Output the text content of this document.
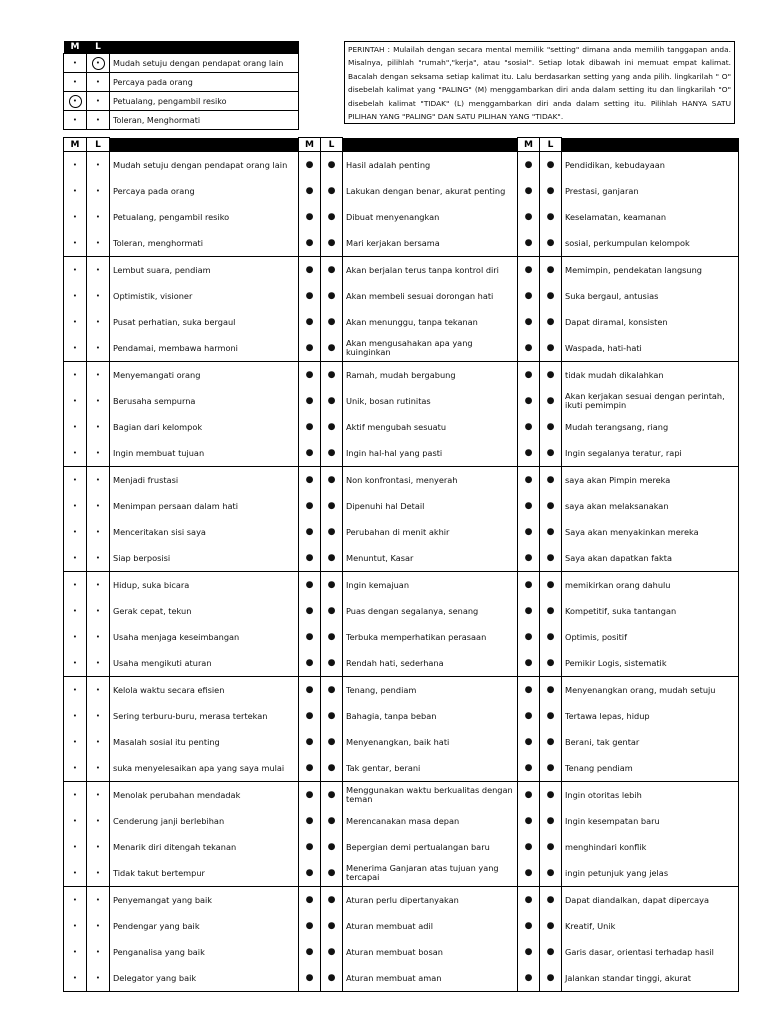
M	L	
•	•	Mudah setuju dengan pendapat orang lain
•	•	Percaya pada orang
•	•	Petualang, pengambil resiko
•	•	Toleran, Menghormati
PERINTAH : Mulailah dengan secara mental memilik "setting" dimana anda memilih tanggapan anda. Misalnya, pilihlah "rumah","kerja", atau "sosial". Setiap lotak dibawah ini memuat empat kalimat. Bacalah dengan seksama setiap kalimat itu. Lalu berdasarkan setting yang anda pilih. lingkarilah " O" disebelah kalimat yang "PALING" (M) menggambarkan diri anda dalam setting itu dan lingkarilah "O" disebelah kalimat "TIDAK" (L) menggambarkan diri anda dalam setting itu. Pilihlah HANYA SATU PILIHAN YANG "PALING" DAN SATU PILIHAN YANG "TIDAK".
M	L		M	L		M	L	
•	•	Mudah setuju dengan pendapat orang lain	●	●	Hasil adalah penting	●	●	Pendidikan, kebudayaan
•	•	Percaya pada orang	●	●	Lakukan dengan benar, akurat penting	●	●	Prestasi, ganjaran
•	•	Petualang, pengambil resiko	●	●	Dibuat menyenangkan	●	●	Keselamatan, keamanan
•	•	Toleran, menghormati	●	●	Mari kerjakan bersama	●	●	sosial, perkumpulan kelompok
•	•	Lembut suara, pendiam	●	●	Akan berjalan terus tanpa kontrol diri	●	●	Memimpin, pendekatan langsung
•	•	Optimistik, visioner	●	●	Akan membeli sesuai dorongan hati	●	●	Suka bergaul, antusias
•	•	Pusat perhatian, suka bergaul	●	●	Akan menunggu, tanpa tekanan	●	●	Dapat diramal, konsisten
•	•	Pendamai, membawa harmoni	●	●	Akan mengusahakan apa yang kuinginkan	●	●	Waspada, hati-hati
•	•	Menyemangati orang	●	●	Ramah, mudah bergabung	●	●	tidak mudah dikalahkan
•	•	Berusaha sempurna	●	●	Unik, bosan rutinitas	●	●	Akan kerjakan sesuai dengan perintah, ikuti pemimpin
•	•	Bagian dari kelompok	●	●	Aktif mengubah sesuatu	●	●	Mudah terangsang, riang
•	•	Ingin membuat tujuan	●	●	Ingin hal-hal yang pasti	●	●	Ingin segalanya teratur, rapi
•	•	Menjadi frustasi	●	●	Non konfrontasi, menyerah	●	●	saya akan Pimpin mereka
•	•	Menimpan persaan dalam hati	●	●	Dipenuhi hal Detail	●	●	saya akan melaksanakan
•	•	Menceritakan sisi saya	●	●	Perubahan di menit akhir	●	●	Saya akan menyakinkan mereka
•	•	Siap berposisi	●	●	Menuntut, Kasar	●	●	Saya akan dapatkan fakta
•	•	Hidup, suka bicara	●	●	Ingin kemajuan	●	●	memikirkan orang dahulu
•	•	Gerak cepat, tekun	●	●	Puas dengan segalanya, senang	●	●	Kompetitif, suka tantangan
•	•	Usaha menjaga keseimbangan	●	●	Terbuka memperhatikan perasaan	●	●	Optimis, positif
•	•	Usaha mengikuti aturan	●	●	Rendah hati, sederhana	●	●	Pemikir Logis, sistematik
•	•	Kelola waktu secara efisien	●	●	Tenang, pendiam	●	●	Menyenangkan orang, mudah setuju
•	•	Sering terburu-buru, merasa tertekan	●	●	Bahagia, tanpa beban	●	●	Tertawa lepas, hidup
•	•	Masalah sosial itu penting	●	●	Menyenangkan, baik hati	●	●	Berani, tak gentar
•	•	suka menyelesaikan apa yang saya mulai	●	●	Tak gentar, berani	●	●	Tenang pendiam
•	•	Menolak perubahan mendadak	●	●	Menggunakan waktu berkualitas dengan teman	●	●	Ingin otoritas lebih
•	•	Cenderung janji berlebihan	●	●	Merencanakan masa depan	●	●	Ingin kesempatan baru
•	•	Menarik diri ditengah tekanan	●	●	Bepergian demi pertualangan baru	●	●	menghindari konflik
•	•	Tidak takut bertempur	●	●	Menerima Ganjaran atas tujuan yang tercapai	●	●	ingin petunjuk yang jelas
•	•	Penyemangat yang baik	●	●	Aturan perlu dipertanyakan	●	●	Dapat diandalkan, dapat dipercaya
•	•	Pendengar yang baik	●	●	Aturan membuat adil	●	●	Kreatif, Unik
•	•	Penganalisa yang baik	●	●	Aturan membuat bosan	●	●	Garis dasar, orientasi terhadap hasil
•	•	Delegator yang baik	●	●	Aturan membuat aman	●	●	Jalankan standar tinggi, akurat
